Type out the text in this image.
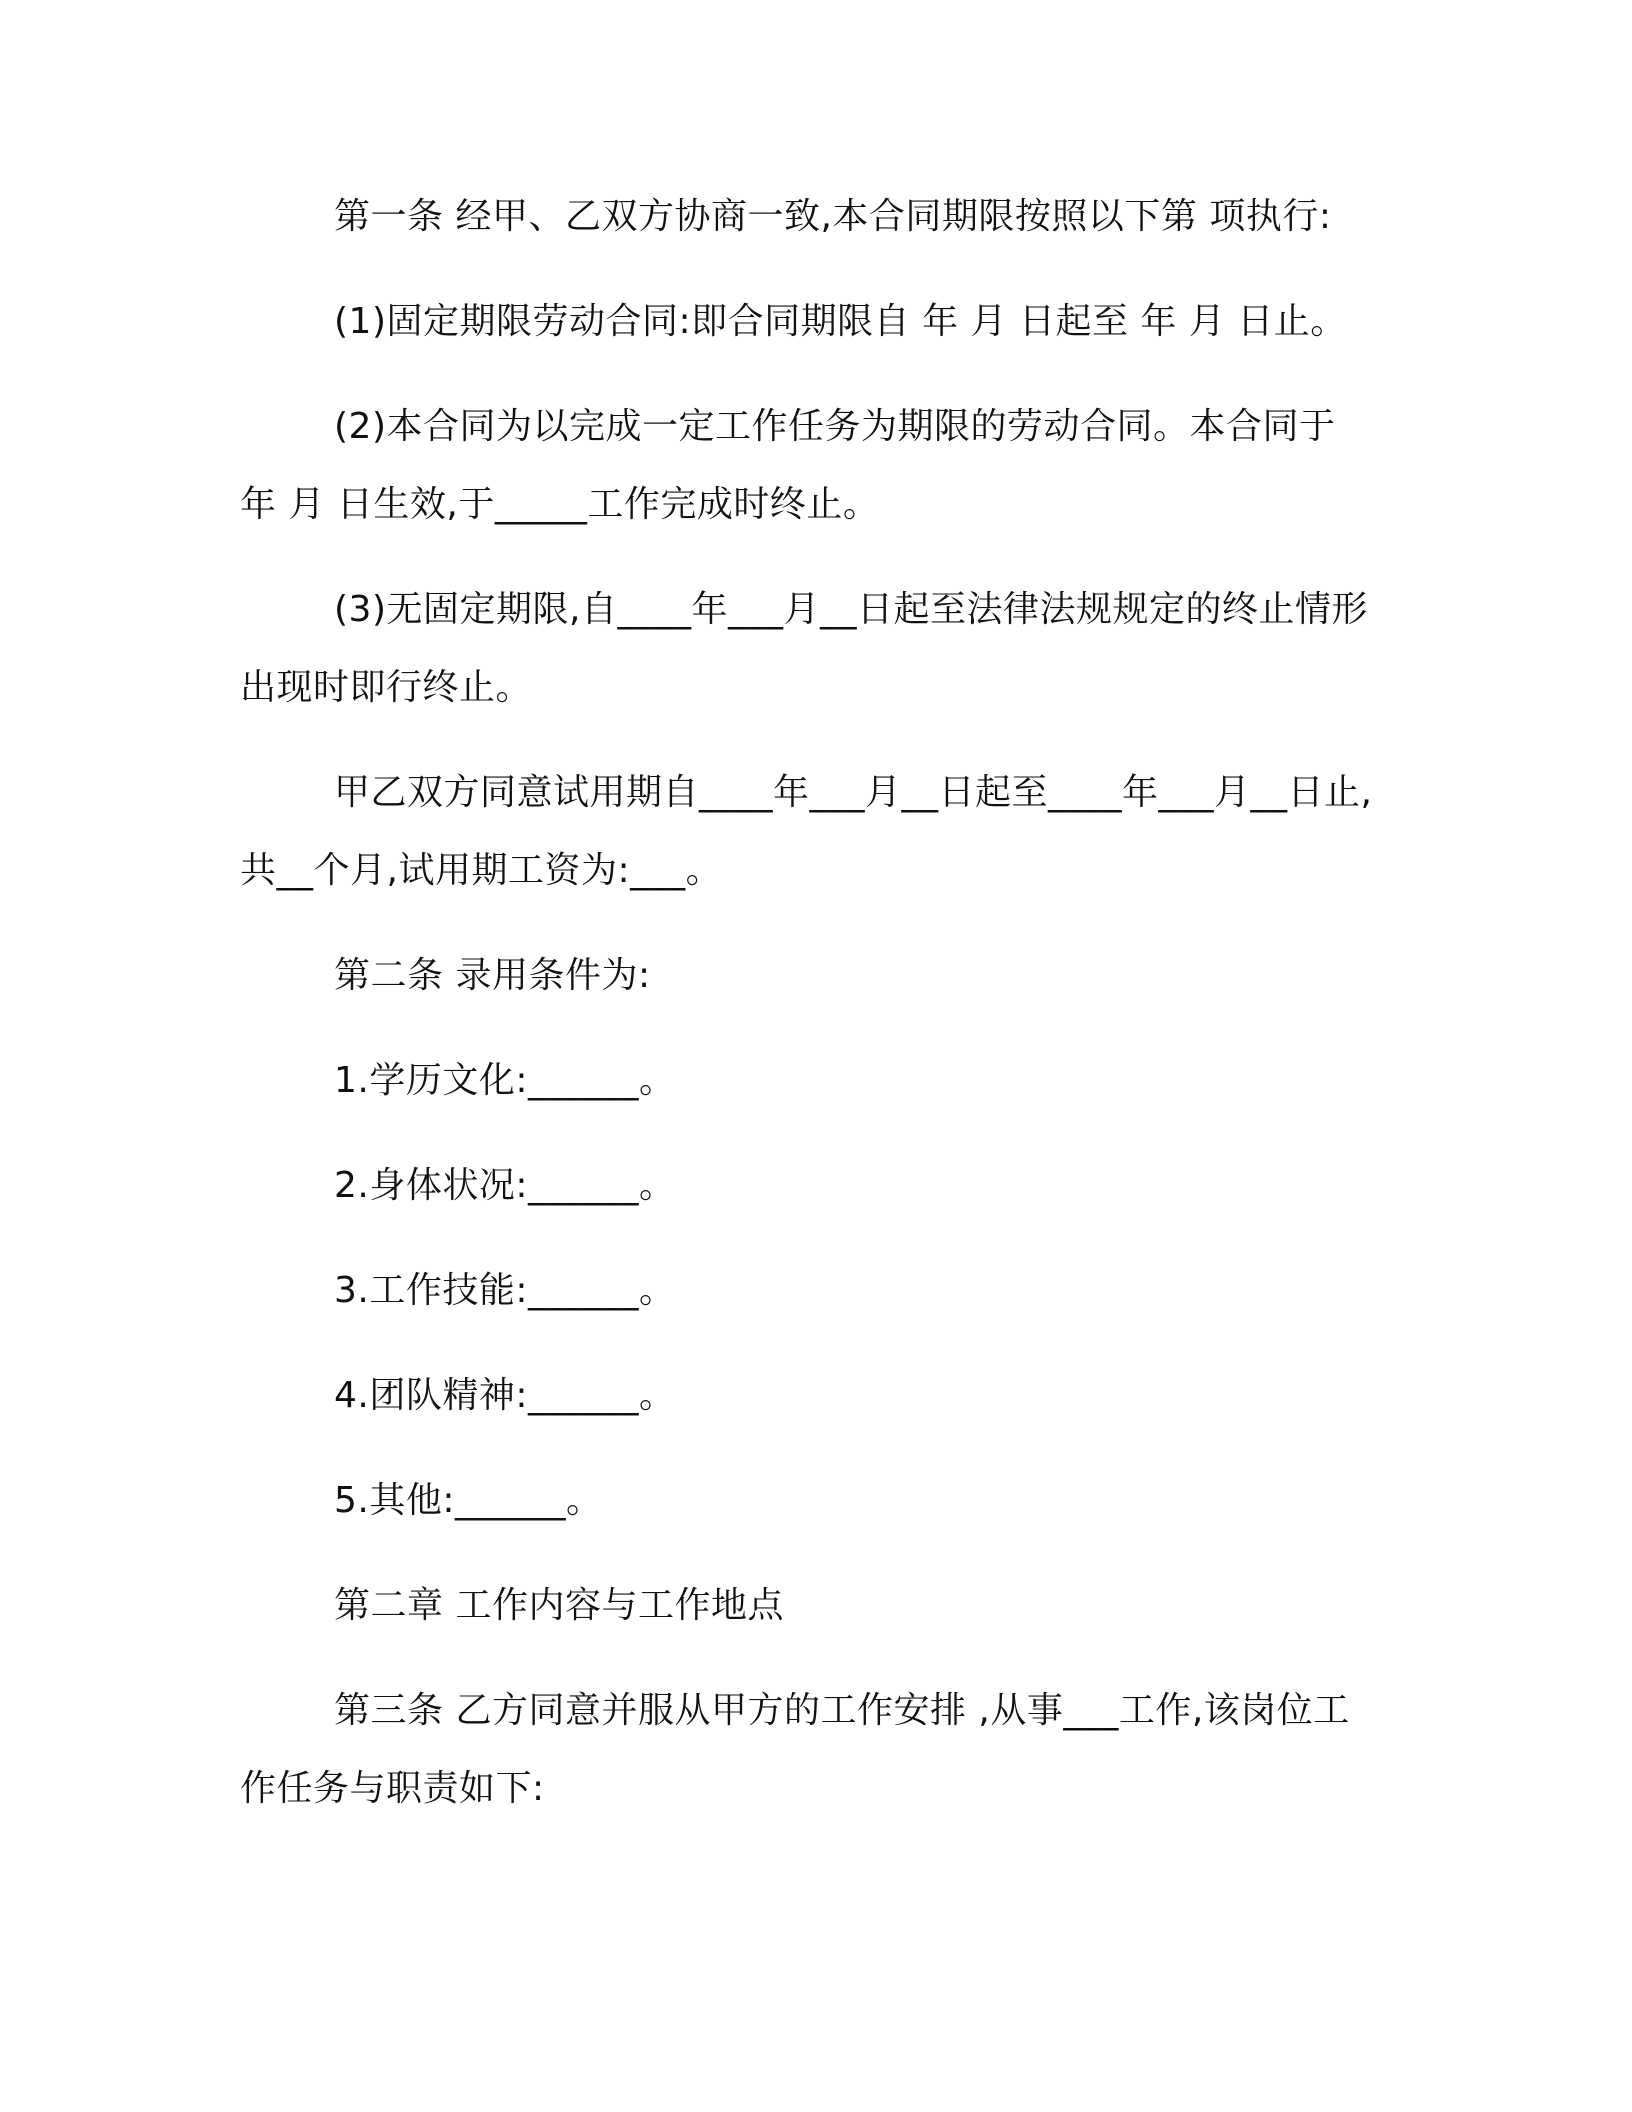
第一条 经甲、乙双方协商一致,本合同期限按照以下第 项执行:

(1)固定期限劳动合同:即合同期限自 年 月 日起至 年 月 日止。

(2)本合同为以完成一定工作任务为期限的劳动合同。本合同于 年 月 日生效,于_____工作完成时终止。

(3)无固定期限,自____年___月__日起至法律法规规定的终止情形出现时即行终止。

甲乙双方同意试用期自____年___月__日起至____年___月__日止,共__个月,试用期工资为:___。

第二条 录用条件为:

1.学历文化:______。

2.身体状况:______。

3.工作技能:______。

4.团队精神:______。

5.其他:______。

第二章 工作内容与工作地点

第三条 乙方同意并服从甲方的工作安排 ,从事___工作,该岗位工作任务与职责如下:
